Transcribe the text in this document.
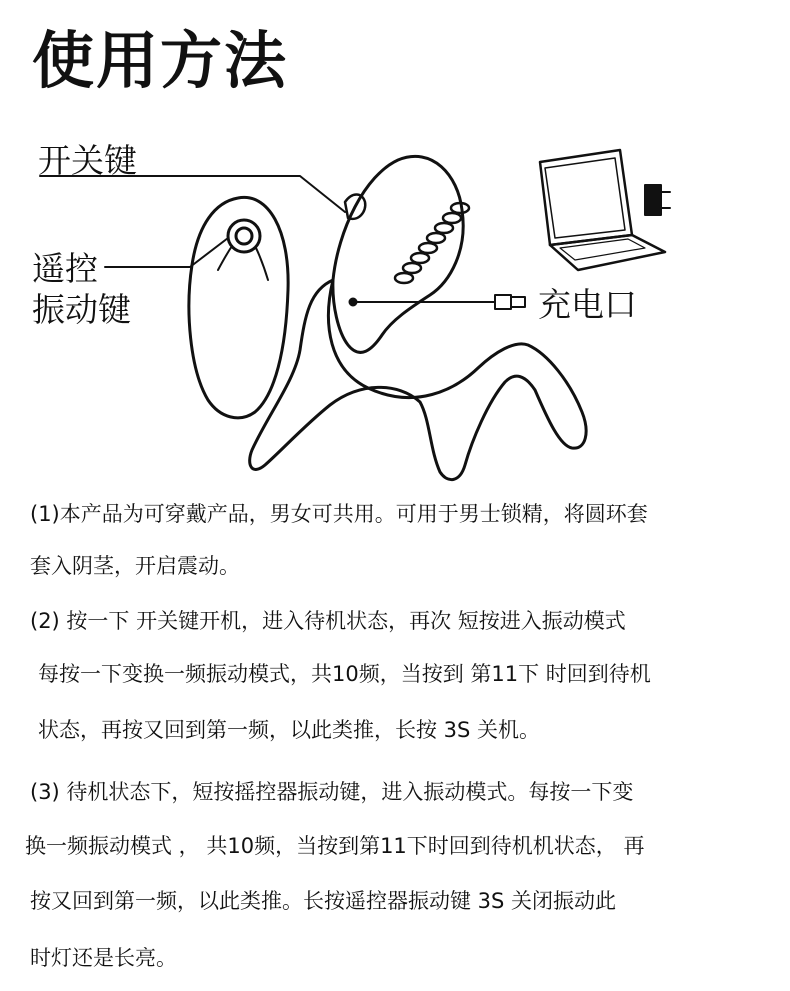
使用方法
开关键
遥控
振动键	充电口
(1)本产品为可穿戴产品，男女可共用。可用于男士锁精，将圆环套
套入阴茎，开启震动。
(2) 按一下 开关键开机，进入待机状态，再次 短按进入振动模式
每按一下变换一频振动模式，共10频，当按到 第11下 时回到待机
状态，再按又回到第一频，以此类推，长按 3S 关机。
(3) 待机状态下，短按摇控器振动键，进入振动模式。每按一下变
换一频振动模式 ， 共10频，当按到第11下时回到待机机状态， 再
按又回到第一频，以此类推。长按遥控器振动键 3S 关闭振动此
时灯还是长亮。
